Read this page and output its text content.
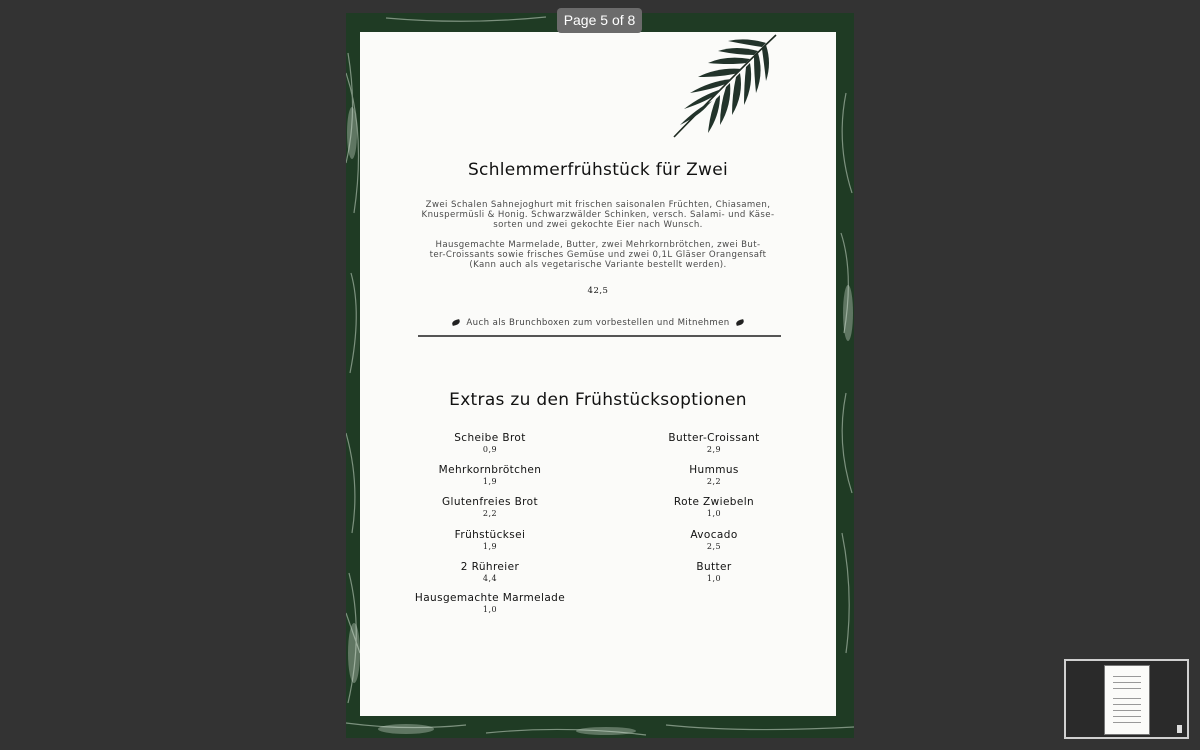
Page 5 of 8
Schlemmerfrühstück für Zwei
Zwei Schalen Sahnejoghurt mit frischen saisonalen Früchten, Chiasamen,
Knuspermüsli & Honig. Schwarzwälder Schinken, versch. Salami- und Käse-
sorten und zwei gekochte Eier nach Wunsch.
Hausgemachte Marmelade, Butter, zwei Mehrkornbrötchen, zwei But-
ter-Croissants sowie frisches Gemüse und zwei 0,1L Gläser Orangensaft
(Kann auch als vegetarische Variante bestellt werden).
42,5
Auch als Brunchboxen zum vorbestellen und Mitnehmen
Extras zu den Frühstücksoptionen
Scheibe Brot
0,9
Mehrkornbrötchen
1,9
Glutenfreies Brot
2,2
Frühstücksei
1,9
2 Rühreier
4,4
Hausgemachte Marmelade
1,0
Butter-Croissant
2,9
Hummus
2,2
Rote Zwiebeln
1,0
Avocado
2,5
Butter
1,0
